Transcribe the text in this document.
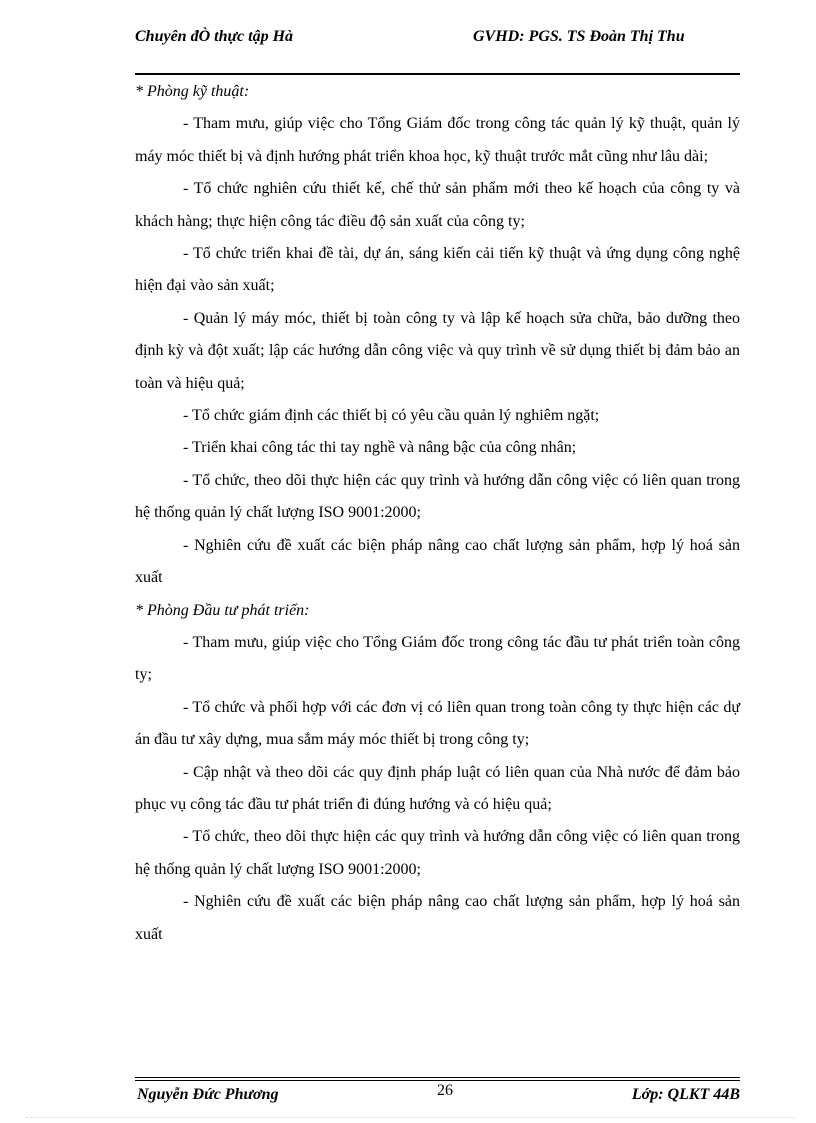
Chuyên đÒ thực tập Hà	GVHD: PGS. TS Đoàn Thị Thu

* Phòng kỹ thuật:

- Tham mưu, giúp việc cho Tổng Giám đốc trong công tác quản lý kỹ thuật, quản lý máy móc thiết bị và định hướng phát triển khoa học, kỹ thuật trước mắt cũng như lâu dài;

- Tổ chức nghiên cứu thiết kế, chế thử sản phẩm mới theo kế hoạch của công ty và khách hàng; thực hiện công tác điều độ sản xuất của công ty;

- Tổ chức triển khai đề tài, dự án, sáng kiến cải tiến kỹ thuật và ứng dụng công nghệ hiện đại vào sản xuất;

- Quản lý máy móc, thiết bị toàn công ty và lập kế hoạch sửa chữa, bảo dưỡng theo định kỳ và đột xuất; lập các hướng dẫn công việc và quy trình về sử dụng thiết bị đảm bảo an toàn và hiệu quả;

- Tổ chức giám định các thiết bị có yêu cầu quản lý nghiêm ngặt;

- Triển khai công tác thi tay nghề và nâng bậc của công nhân;

- Tổ chức, theo dõi thực hiện các quy trình và hướng dẫn công việc có liên quan trong hệ thống quản lý chất lượng ISO 9001:2000;

- Nghiên cứu đề xuất các biện pháp nâng cao chất lượng sản phẩm, hợp lý hoá sản xuất

* Phòng Đầu tư phát triển:

- Tham mưu, giúp việc cho Tổng Giám đốc trong công tác đầu tư phát triển toàn công ty;

- Tổ chức và phối hợp với các đơn vị có liên quan trong toàn công ty thực hiện các dự án đầu tư xây dựng, mua sắm máy móc thiết bị trong công ty;

- Cập nhật và theo dõi các quy định pháp luật có liên quan của Nhà nước để đảm bảo phục vụ công tác đầu tư phát triển đi đúng hướng và có hiệu quả;

- Tổ chức, theo dõi thực hiện các quy trình và hướng dẫn công việc có liên quan trong hệ thống quản lý chất lượng ISO 9001:2000;

- Nghiên cứu đề xuất các biện pháp nâng cao chất lượng sản phẩm, hợp lý hoá sản xuất

Nguyễn Đức Phương	26	Lớp: QLKT 44B
